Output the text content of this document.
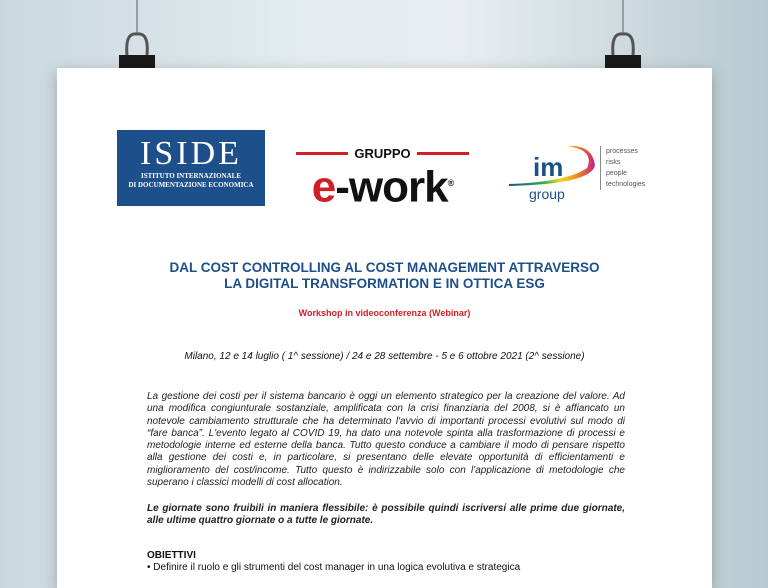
ISIDE
ISTITUTO INTERNAZIONALE
DI DOCUMENTAZIONE ECONOMICA
GRUPPO
e-work®
im
group
processes
risks
people
technologies
DAL COST CONTROLLING AL COST MANAGEMENT ATTRAVERSO
LA DIGITAL TRANSFORMATION E IN OTTICA ESG
Workshop in videoconferenza (Webinar)
Milano, 12 e 14 luglio ( 1^ sessione) / 24 e 28 settembre - 5 e 6 ottobre 2021 (2^ sessione)
La gestione dei costi per il sistema bancario è oggi un elemento strategico per la creazione del valore. Ad una modifica congiunturale sostanziale, amplificata con la crisi finanziaria del 2008, si è affiancato un notevole cambiamento strutturale che ha determinato l'avvio di importanti processi evolutivi sul modo di “fare banca”. L'evento legato al COVID 19, ha dato una notevole spinta alla trasformazione di processi e metodologie interne ed esterne della banca. Tutto questo conduce a cambiare il modo di pensare rispetto alla gestione dei costi e, in particolare, si presentano delle elevate opportunità di efficientamenti e miglioramento del cost/income. Tutto questo è indirizzabile solo con l'applicazione di metodologie che superano i classici modelli di cost allocation.
Le giornate sono fruibili in maniera flessibile: è possibile quindi iscriversi alle prime due giornate, alle ultime quattro giornate o a tutte le giornate.
OBIETTIVI
• Definire il ruolo e gli strumenti del cost manager in una logica evolutiva e strategica
